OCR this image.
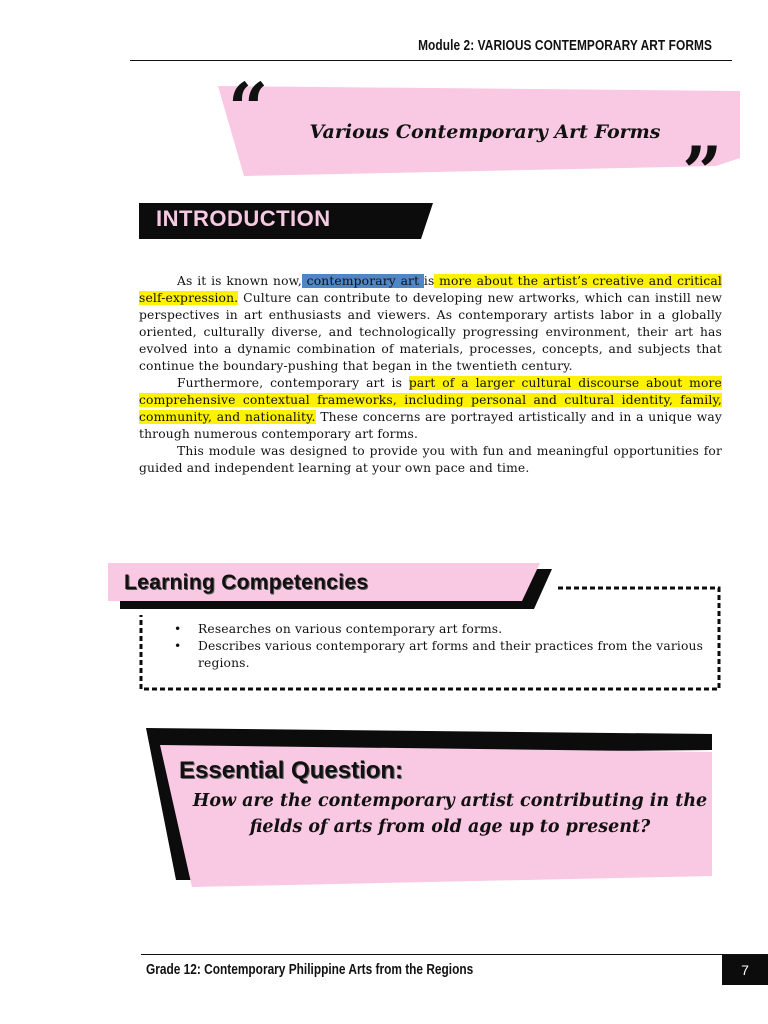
Module 2: VARIOUS CONTEMPORARY ART FORMS
“	Various Contemporary Art Forms ”
INTRODUCTION

As it is known now, contemporary art is more about the artist’s creative and critical self-expression. Culture can contribute to developing new artworks, which can instill new perspectives in art enthusiasts and viewers. As contemporary artists labor in a globally oriented, culturally diverse, and technologically progressing environment, their art has evolved into a dynamic combination of materials, processes, concepts, and subjects that continue the boundary-pushing that began in the twentieth century.

Furthermore, contemporary art is part of a larger cultural discourse about more comprehensive contextual frameworks, including personal and cultural identity, family, community, and nationality. These concerns are portrayed artistically and in a unique way through numerous contemporary art forms.

This module was designed to provide you with fun and meaningful opportunities for guided and independent learning at your own pace and time.

Learning Competencies
• Researches on various contemporary art forms.
• Describes various contemporary art forms and their practices from the various regions.
Essential Question:
How are the contemporary artist contributing in the fields of arts from old age up to present?
Grade 12: Contemporary Philippine Arts from the Regions	7
